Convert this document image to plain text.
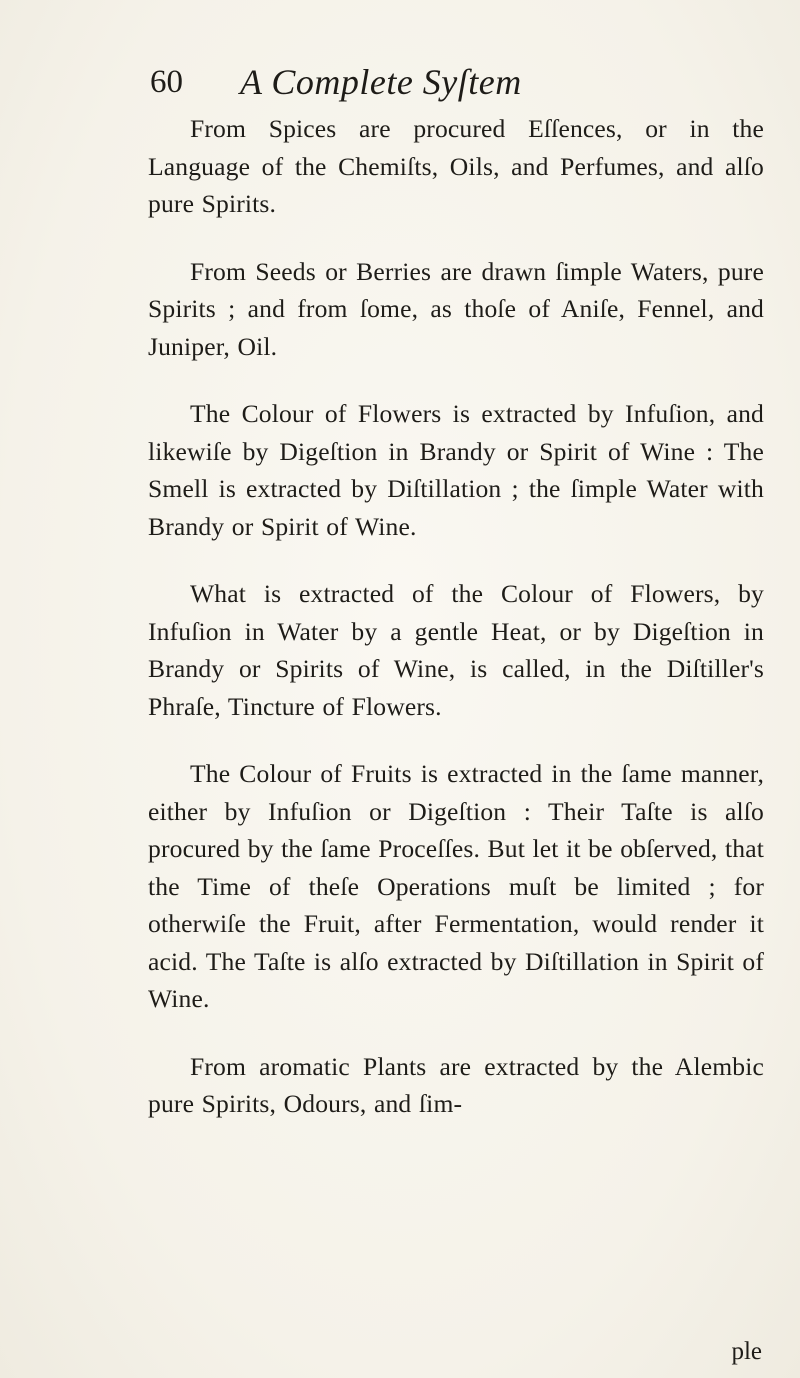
60 A Complete Syſtem

From Spices are procured Eſſences, or in the Language of the Chemiſts, Oils, and Perfumes, and alſo pure Spirits.

From Seeds or Berries are drawn ſimple Waters, pure Spirits ; and from ſome, as thoſe of Aniſe, Fennel, and Juniper, Oil.

The Colour of Flowers is extracted by Infuſion, and likewiſe by Digeſtion in Brandy or Spirit of Wine : The Smell is extracted by Diſtillation ; the ſimple Water with Brandy or Spirit of Wine.

What is extracted of the Colour of Flowers, by Infuſion in Water by a gentle Heat, or by Digeſtion in Brandy or Spirits of Wine, is called, in the Diſtiller's Phraſe, Tincture of Flowers.

The Colour of Fruits is extracted in the ſame manner, either by Infuſion or Digeſtion : Their Taſte is alſo procured by the ſame Proceſſes. But let it be obſerved, that the Time of theſe Operations muſt be limited ; for otherwiſe the Fruit, after Fermentation, would render it acid. The Taſte is alſo extracted by Diſtillation in Spirit of Wine.

From aromatic Plants are extracted by the Alembic pure Spirits, Odours, and ſim-

ple
